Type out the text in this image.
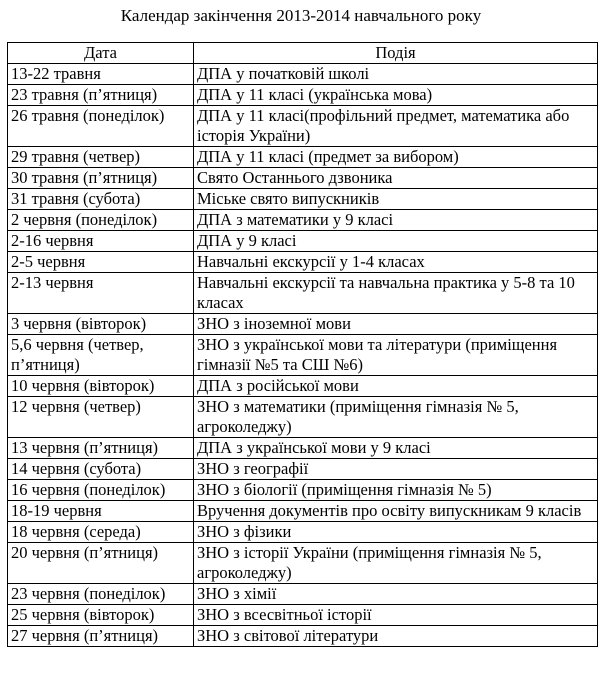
Календар закінчення 2013-2014 навчального року
Дата	Подія
13-22 травня	ДПА у початковій школі
23 травня (п’ятниця)	ДПА у 11 класі (українська мова)
26 травня (понеділок)	ДПА у 11 класі(профільний предмет, математика або історія України)
29 травня (четвер)	ДПА у 11 класі (предмет за вибором)
30 травня (п’ятниця)	Свято Останнього дзвоника
31 травня (субота)	Міське свято випускників
2 червня (понеділок)	ДПА з математики у 9 класі
2-16 червня	ДПА у 9 класі
2-5 червня	Навчальні екскурсії у 1-4 класах
2-13 червня	Навчальні екскурсії та навчальна практика у 5-8 та 10 класах
3 червня (вівторок)	ЗНО з іноземної мови
5,6 червня (четвер, п’ятниця)	ЗНО з української мови та літератури (приміщення гімназії №5 та СШ №6)
10 червня (вівторок)	ДПА з російської мови
12 червня (четвер)	ЗНО з математики (приміщення гімназія № 5, агроколеджу)
13 червня (п’ятниця)	ДПА з української мови у 9 класі
14 червня (субота)	ЗНО з географії
16 червня (понеділок)	ЗНО з біології (приміщення гімназія № 5)
18-19 червня	Вручення документів про освіту випускникам 9 класів
18 червня (середа)	ЗНО з фізики
20 червня (п’ятниця)	ЗНО з історії України (приміщення гімназія № 5, агроколеджу)
23 червня (понеділок)	ЗНО з хімії
25 червня (вівторок)	ЗНО з всесвітньої історії
27 червня (п’ятниця)	ЗНО з світової літератури
